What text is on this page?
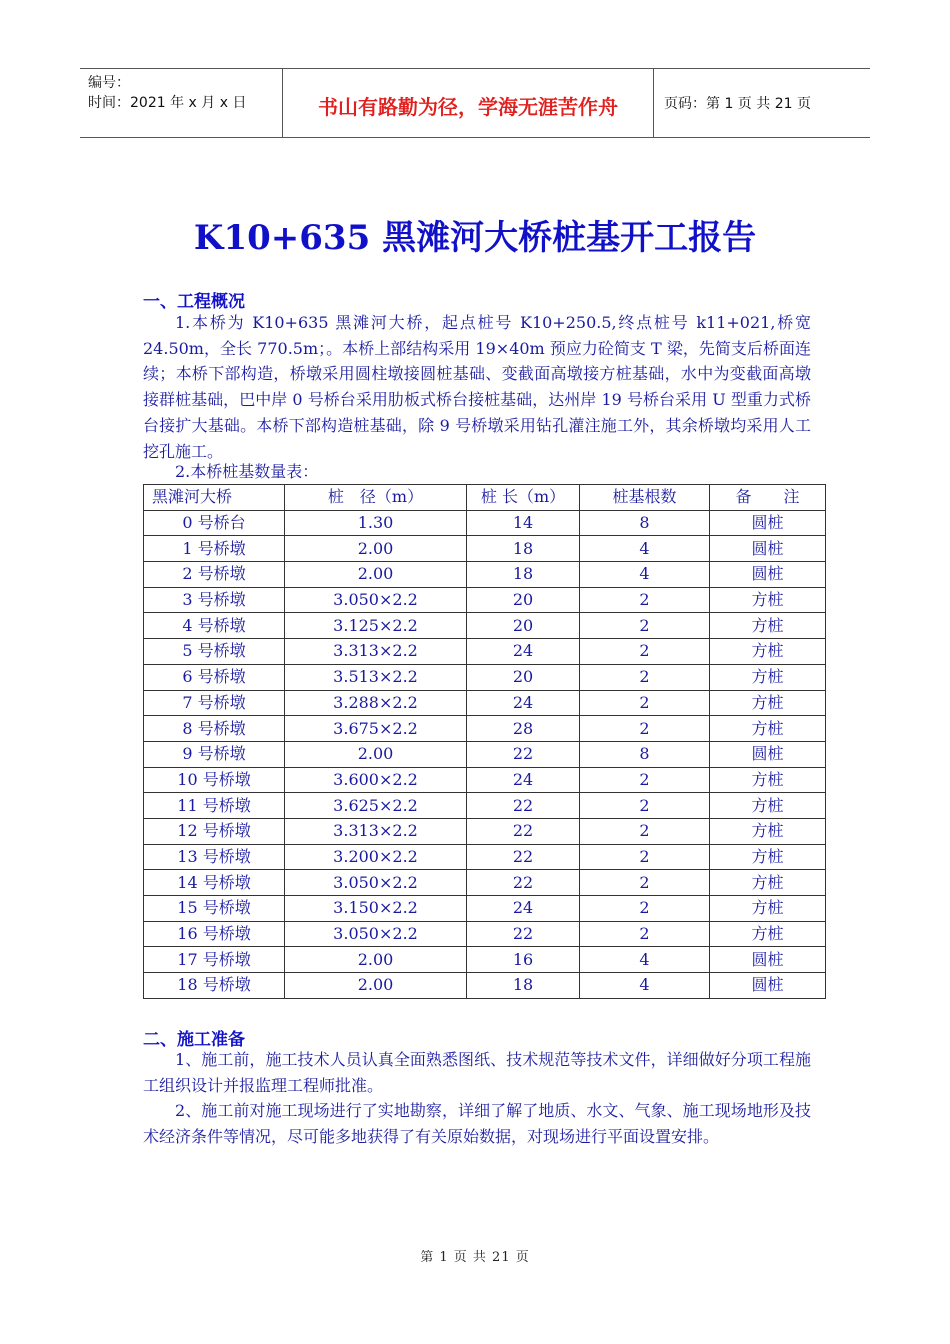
编号：
时间：2021 年 x 月 x 日	书山有路勤为径，学海无涯苦作舟	页码：第 1 页 共 21 页
K10+635 黑滩河大桥桩基开工报告
一、工程概况
1.本桥为 K10+635 黑滩河大桥，起点桩号 K10+250.5,终点桩号 k11+021,桥宽 24.50m，全长 770.5m；。本桥上部结构采用 19×40m 预应力砼简支 T 梁，先简支后桥面连续；本桥下部构造，桥墩采用圆柱墩接圆桩基础、变截面高墩接方桩基础，水中为变截面高墩接群桩基础，巴中岸 0 号桥台采用肋板式桥台接桩基础，达州岸 19 号桥台采用 U 型重力式桥台接扩大基础。本桥下部构造桩基础，除 9 号桥墩采用钻孔灌注施工外，其余桥墩均采用人工挖孔施工。
2.本桥桩基数量表：
黑滩河大桥	桩　径（m）	桩 长（m）	桩基根数	备　　注
0 号桥台	1.30	14	8	圆桩
1 号桥墩	2.00	18	4	圆桩
2 号桥墩	2.00	18	4	圆桩
3 号桥墩	3.050×2.2	20	2	方桩
4 号桥墩	3.125×2.2	20	2	方桩
5 号桥墩	3.313×2.2	24	2	方桩
6 号桥墩	3.513×2.2	20	2	方桩
7 号桥墩	3.288×2.2	24	2	方桩
8 号桥墩	3.675×2.2	28	2	方桩
9 号桥墩	2.00	22	8	圆桩
10 号桥墩	3.600×2.2	24	2	方桩
11 号桥墩	3.625×2.2	22	2	方桩
12 号桥墩	3.313×2.2	22	2	方桩
13 号桥墩	3.200×2.2	22	2	方桩
14 号桥墩	3.050×2.2	22	2	方桩
15 号桥墩	3.150×2.2	24	2	方桩
16 号桥墩	3.050×2.2	22	2	方桩
17 号桥墩	2.00	16	4	圆桩
18 号桥墩	2.00	18	4	圆桩
二、施工准备
1、施工前，施工技术人员认真全面熟悉图纸、技术规范等技术文件，详细做好分项工程施工组织设计并报监理工程师批准。
2、施工前对施工现场进行了实地勘察，详细了解了地质、水文、气象、施工现场地形及技术经济条件等情况，尽可能多地获得了有关原始数据，对现场进行平面设置安排。
第 1 页 共 21 页
